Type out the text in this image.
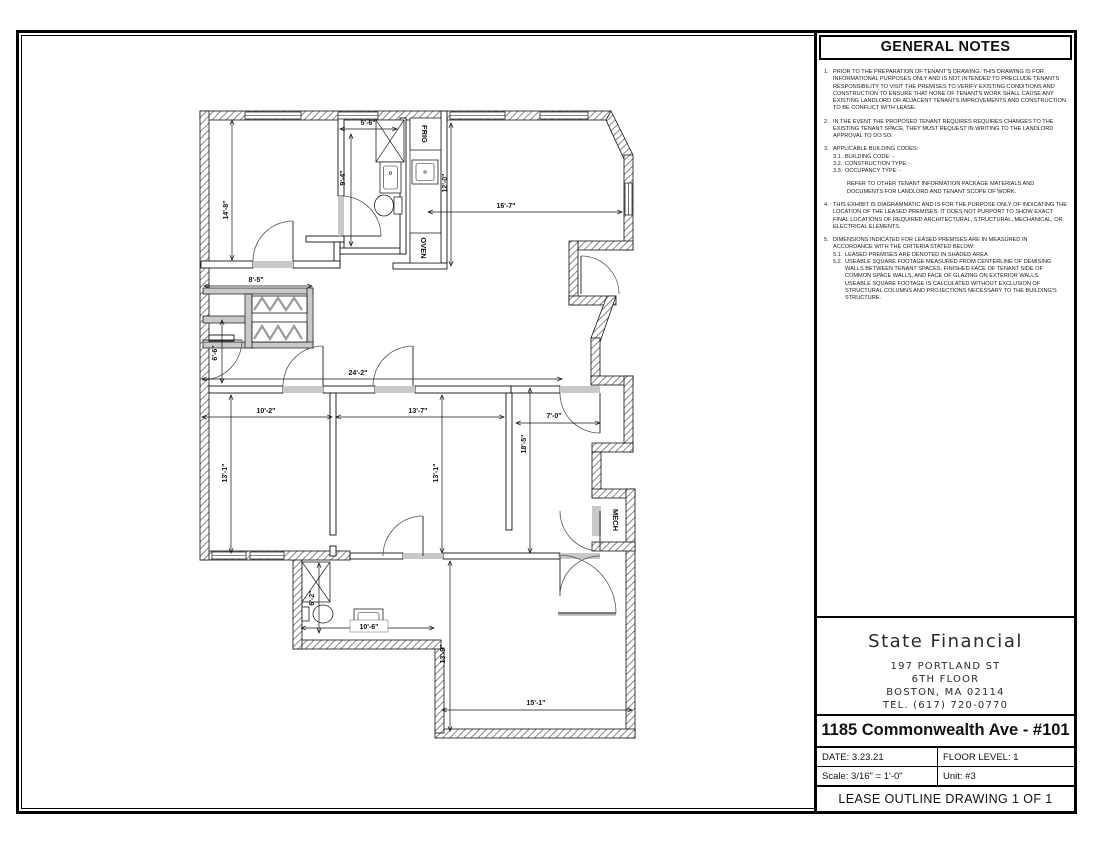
FRIG
OVEN
MECH
5'-6"
9'-4"	12'-0"
16'-7"
14'-8"
8'-5"
6'-6"
24'-2"
10'-2"	13'-7"
13'-1"	13'-1"
18'-5"
7'-0"
6'-2"
10'-6"
13'-9"
15'-1"
GENERAL NOTES
1. PRIOR TO THE PREPARATION OF TENANT'S DRAWING. THIS DRAWING IS FOR INFORMATIONAL PURPOSES ONLY AND IS NOT INTENDED TO PRECLUDE TENANTS RESPONSIBILITY TO VISIT THE PREMISES TO VERIFY EXISTING CONDITIONS AND CONSTRUCTION TO ENSURE THAT NONE OF TENANTS WORK SHALL CAUSE ANY EXISTING LANDLORD OR ADJACENT TENANTS IMPROVEMENTS AND CONSTRUCTION TO BE CONFLICT WITH LEASE.
2. IN THE EVENT THE PROPOSED TENANT REQUIRES REQUIRES CHANGES TO THE EXISTING TENANT SPACE, THEY MUST REQUEST IN WRITING TO THE LANDLORD APPROVAL TO DO SO.
3. APPLICABLE BUILDING CODES:
3.1. BUILDING CODE: -
3.2. CONSTRUCTION TYPE: -
3.3. OCCUPANCY TYPE: -
REFER TO OTHER TENANT INFORMATION PACKAGE MATERIALS AND DOCUMENTS FOR LANDLORD AND TENANT SCOPE OF WORK.
4. THIS EXHIBIT IS DIAGRAMMATIC AND IS FOR THE PURPOSE ONLY OF INDICATING THE LOCATION OF THE LEASED PREMISES. IT DOES NOT PURPORT TO SHOW EXACT FINAL LOCATIONS OF REQUIRED ARCHITECTURAL, STRUCTURAL, MECHANICAL, OR ELECTRICAL ELEMENTS.
5. DIMENSIONS INDICATED FOR LEASED PREMISES ARE IN MEASURED IN ACCORDANCE WITH THE CRITERIA STATED BELOW:
5.1. LEASED PREMISES ARE DENOTED IN SHADED AREA
5.2. USEABLE SQUARE FOOTAGE MEASURED FROM CENTERLINE OF DEMISING WALLS BETWEEN TENANT SPACES, FINISHED FACE OF TENANT SIDE OF COMMON SPACE WALLS, AND FACE OF GLAZING ON EXTERIOR WALLS. USEABLE SQUARE FOOTAGE IS CALCULATED WITHOUT EXCLUSION OF STRUCTURAL COLUMNS AND PROJECTIONS NECESSARY TO THE BUILDING'S STRUCTURE.
State Financial
197 PORTLAND ST
6TH FLOOR
BOSTON, MA 02114
TEL. (617) 720-0770
1185 Commonwealth Ave - #101
DATE: 3.23.21	FLOOR LEVEL: 1
Scale: 3/16" = 1'-0"	Unit: #3
LEASE OUTLINE DRAWING 1 OF 1
